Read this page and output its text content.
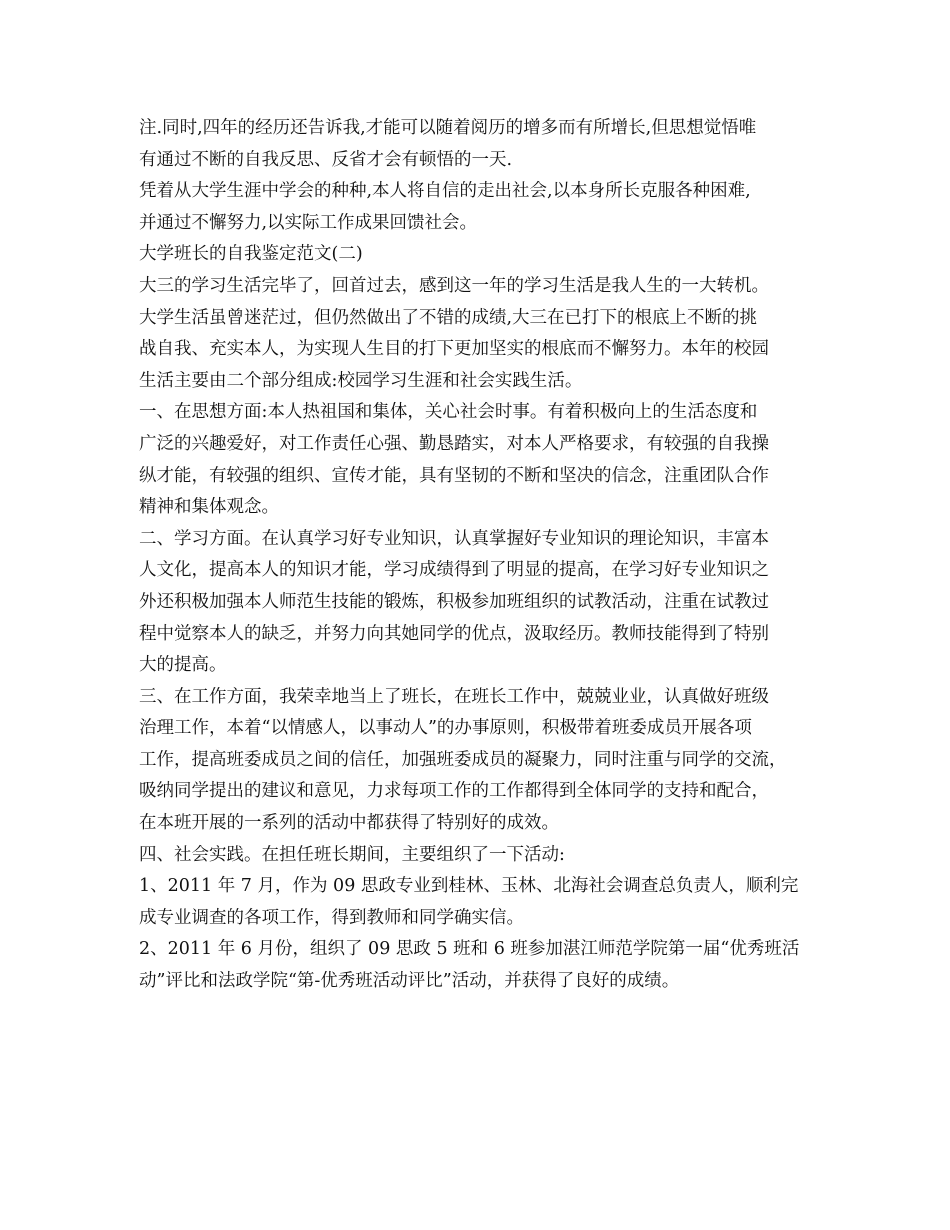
注.同时,四年的经历还告诉我,才能可以随着阅历的增多而有所增长,但思想觉悟唯
有通过不断的自我反思、反省才会有顿悟的一天.

凭着从大学生涯中学会的种种,本人将自信的走出社会,以本身所长克服各种困难,
并通过不懈努力,以实际工作成果回馈社会。

大学班长的自我鉴定范文(二)

大三的学习生活完毕了，回首过去，感到这一年的学习生活是我人生的一大转机。
大学生活虽曾迷茫过，但仍然做出了不错的成绩,大三在已打下的根底上不断的挑
战自我、充实本人，为实现人生目的打下更加坚实的根底而不懈努力。本年的校园
生活主要由二个部分组成:校园学习生涯和社会实践生活。

一、在思想方面:本人热祖国和集体，关心社会时事。有着积极向上的生活态度和
广泛的兴趣爱好，对工作责任心强、勤恳踏实，对本人严格要求，有较强的自我操
纵才能，有较强的组织、宣传才能，具有坚韧的不断和坚决的信念，注重团队合作
精神和集体观念。

二、学习方面。在认真学习好专业知识，认真掌握好专业知识的理论知识，丰富本
人文化，提高本人的知识才能，学习成绩得到了明显的提高，在学习好专业知识之
外还积极加强本人师范生技能的锻炼，积极参加班组织的试教活动，注重在试教过
程中觉察本人的缺乏，并努力向其她同学的优点，汲取经历。教师技能得到了特别
大的提高。

三、在工作方面，我荣幸地当上了班长，在班长工作中，兢兢业业，认真做好班级
治理工作，本着“以情感人，以事动人”的办事原则，积极带着班委成员开展各项
工作，提高班委成员之间的信任，加强班委成员的凝聚力，同时注重与同学的交流，
吸纳同学提出的建议和意见，力求每项工作的工作都得到全体同学的支持和配合，
在本班开展的一系列的活动中都获得了特别好的成效。

四、社会实践。在担任班长期间，主要组织了一下活动:

1、2011 年 7 月，作为 09 思政专业到桂林、玉林、北海社会调查总负责人，顺利完
成专业调查的各项工作，得到教师和同学确实信。

2、2011 年 6 月份，组织了 09 思政 5 班和 6 班参加湛江师范学院第一届“优秀班活
动”评比和法政学院“第-优秀班活动评比”活动，并获得了良好的成绩。
